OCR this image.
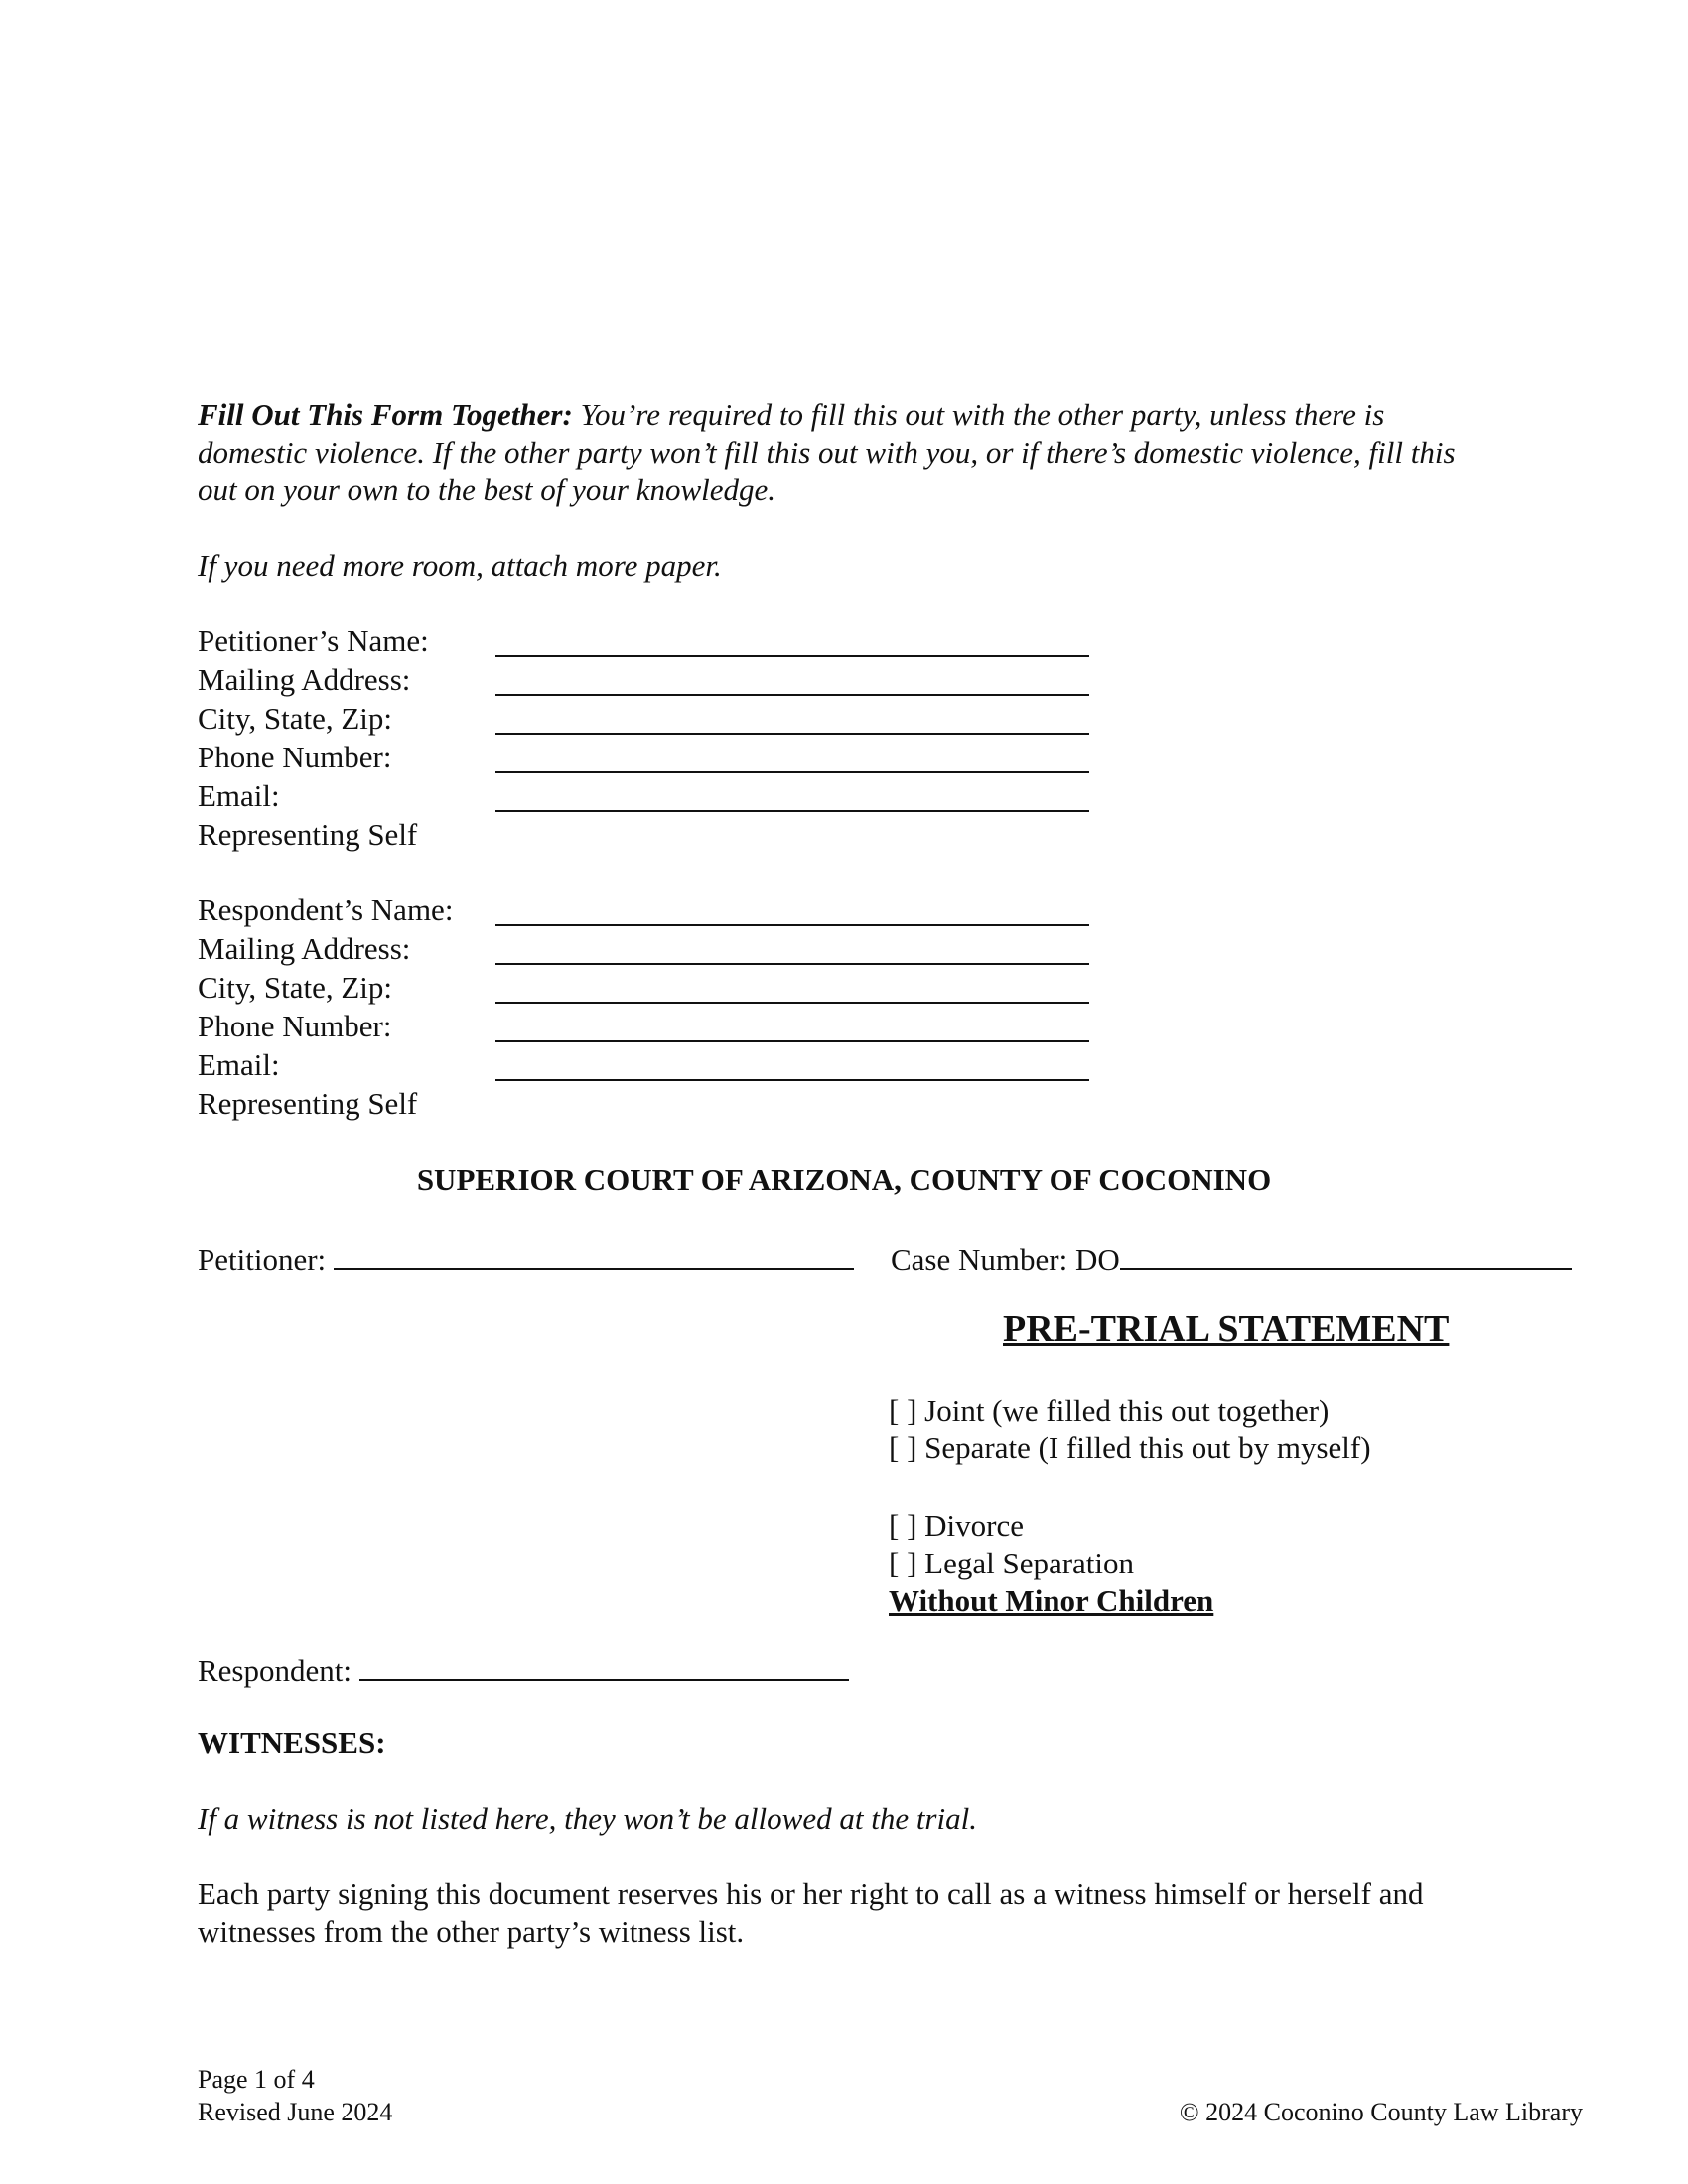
Fill Out This Form Together: You’re required to fill this out with the other party, unless there is
domestic violence. If the other party won’t fill this out with you, or if there’s domestic violence, fill this
out on your own to the best of your knowledge.
If you need more room, attach more paper.
Petitioner’s Name:
Mailing Address:
City, State, Zip:
Phone Number:
Email:
Representing Self
Respondent’s Name:
Mailing Address:
City, State, Zip:
Phone Number:
Email:
Representing Self
SUPERIOR COURT OF ARIZONA, COUNTY OF COCONINO
Petitioner:	Case Number: DO
PRE-TRIAL STATEMENT
[ ] Joint (we filled this out together)
[ ] Separate (I filled this out by myself)
[ ] Divorce
[ ] Legal Separation
Without Minor Children
Respondent:
WITNESSES:
If a witness is not listed here, they won’t be allowed at the trial.
Each party signing this document reserves his or her right to call as a witness himself or herself and
witnesses from the other party’s witness list.
Page 1 of 4
Revised June 2024	© 2024 Coconino County Law Library
